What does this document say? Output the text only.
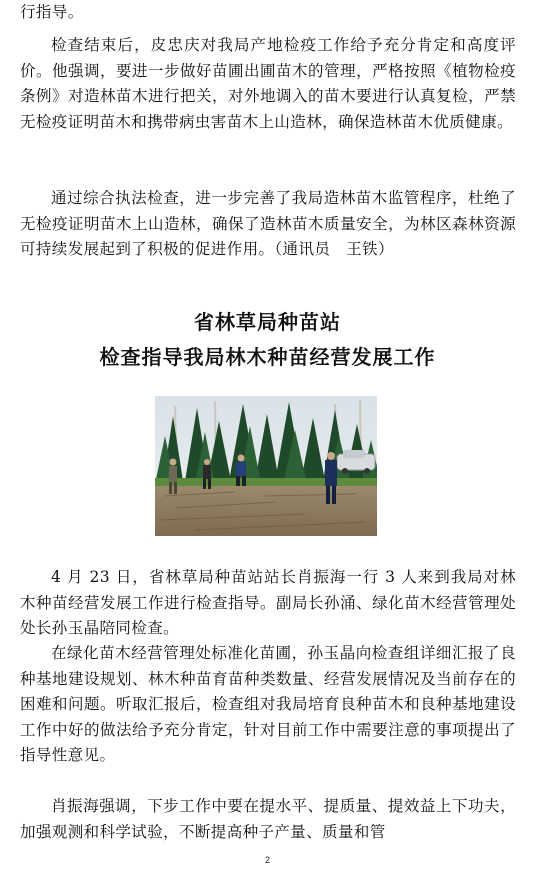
行指导。

检查结束后，皮忠庆对我局产地检疫工作给予充分肯定和高度评价。他强调，要进一步做好苗圃出圃苗木的管理，严格按照《植物检疫条例》对造林苗木进行把关，对外地调入的苗木要进行认真复检，严禁无检疫证明苗木和携带病虫害苗木上山造林，确保造林苗木优质健康。

通过综合执法检查，进一步完善了我局造林苗木监管程序，杜绝了无检疫证明苗木上山造林，确保了造林苗木质量安全，为林区森林资源可持续发展起到了积极的促进作用。（通讯员　王铁）

省林草局种苗站
检查指导我局林木种苗经营发展工作

4 月 23 日，省林草局种苗站站长肖振海一行 3 人来到我局对林木种苗经营发展工作进行检查指导。副局长孙涌、绿化苗木经营管理处处长孙玉晶陪同检查。

在绿化苗木经营管理处标准化苗圃，孙玉晶向检查组详细汇报了良种基地建设规划、林木种苗育苗种类数量、经营发展情况及当前存在的困难和问题。听取汇报后，检查组对我局培育良种苗木和良种基地建设工作中好的做法给予充分肯定，针对目前工作中需要注意的事项提出了指导性意见。

肖振海强调，下步工作中要在提水平、提质量、提效益上下功夫，加强观测和科学试验，不断提高种子产量、质量和管

2
